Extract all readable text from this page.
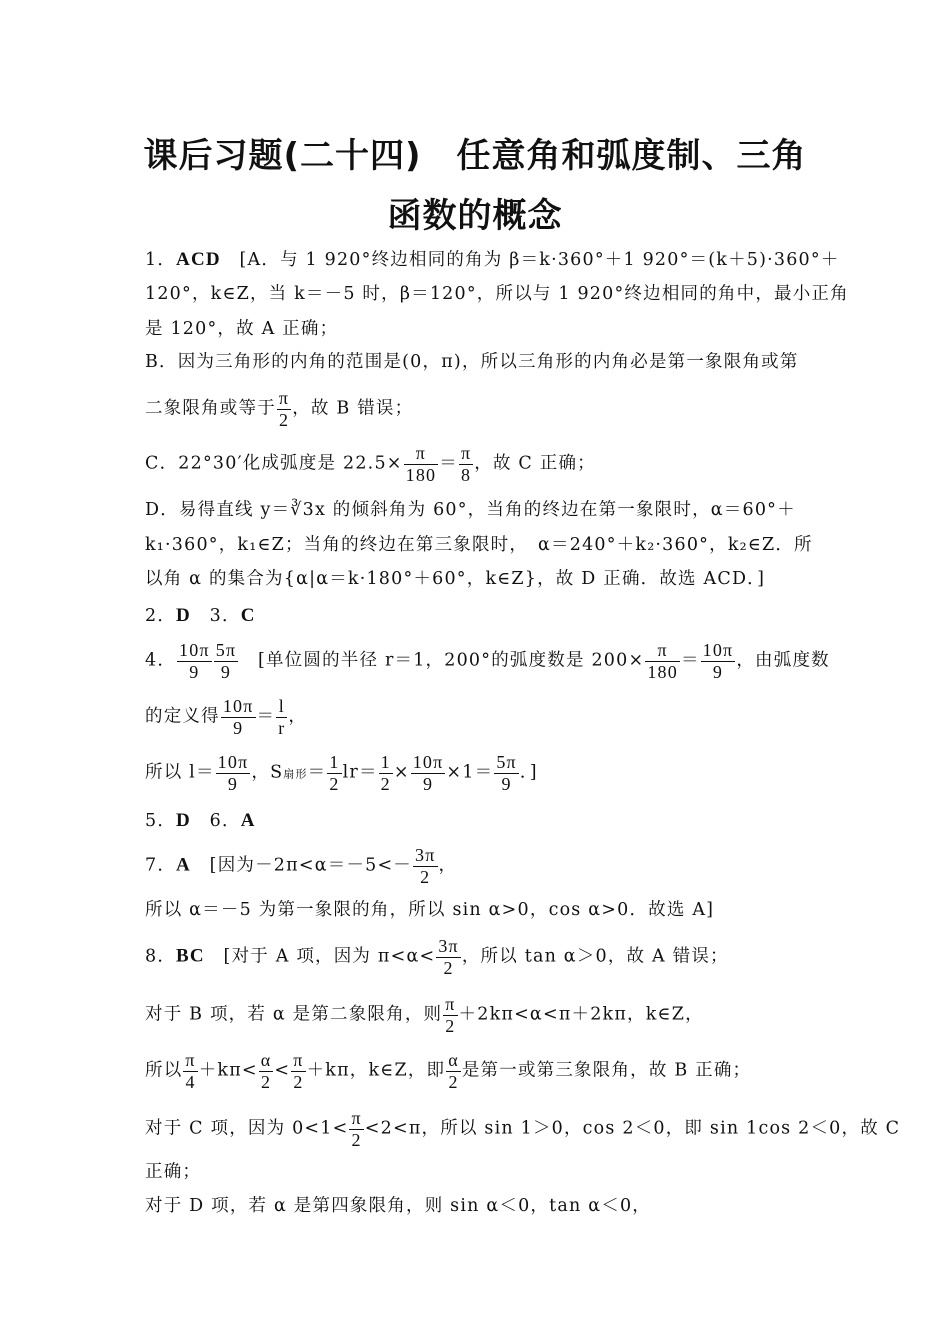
课后习题(二十四)　任意角和弧度制、三角
函数的概念
1．ACD　[A．与 1 920°终边相同的角为 β＝k·360°＋1 920°＝(k＋5)·360°＋
120°，k∈Z，当 k＝－5 时，β＝120°，所以与 1 920°终边相同的角中，最小正角
是 120°，故 A 正确；
B．因为三角形的内角的范围是(0，π)，所以三角形的内角必是第一象限角或第
二象限角或等于 $\frac{\pi}{2}$ ，故 B 错误；
C．22°30′化成弧度是 $22.5\times \frac{\pi}{180} = \frac{\pi}{8}$ ，故 C 正确；
D．易得直线 y＝∛3x 的倾斜角为 60°，当角的终边在第一象限时，α＝60°＋
k₁·360°，k₁∈Z；当角的终边在第三象限时，　α＝240°＋k₂·360°，k₂∈Z．所
以角 α 的集合为{α|α＝k·180°＋60°，k∈Z}，故 D 正确．故选 ACD．]
2．D　3．C
4． $\frac{10\pi}{9} \frac{5\pi}{9}$ 　[单位圆的半径 r＝1，200°的弧度数是 $200\times \frac{\pi}{180} = \frac{10\pi}{9}$ ，由弧度数
的定义得 $\frac{10\pi}{9} = \frac{l}{r}$ ，
所以 $l= \frac{10\pi}{9}$ ，S扇形＝ $\frac{1}{2} lr= \frac{1}{2} \times \frac{10\pi}{9} \times 1= \frac{5\pi}{9}$ ．]
5．D　6．A
7．A　[因为$-2\pi<\alpha=-5<- \frac{3\pi}{2}$ ，
所以 α＝－5 为第一象限的角，所以 sin α>0，cos α>0．故选 A]
8．BC　[对于 A 项，因为 $\pi<\alpha< \frac{3\pi}{2}$ ，所以 tan α＞0，故 A 错误；
对于 B 项，若 α 是第二象限角，则 $\frac{\pi}{2} +2k\pi<\alpha<\pi+2k\pi$，k∈Z，
所以 $\frac{\pi}{4} +k\pi< \frac{\alpha}{2} < \frac{\pi}{2} +k\pi$，k∈Z，即 $\frac{\alpha}{2}$ 是第一或第三象限角，故 B 正确；
对于 C 项，因为 $0<1< \frac{\pi}{2} <2<\pi$，所以 sin 1＞0，cos 2＜0，即 sin 1cos 2＜0，故 C
正确；
对于 D 项，若 α 是第四象限角，则 sin α＜0，tan α＜0，
